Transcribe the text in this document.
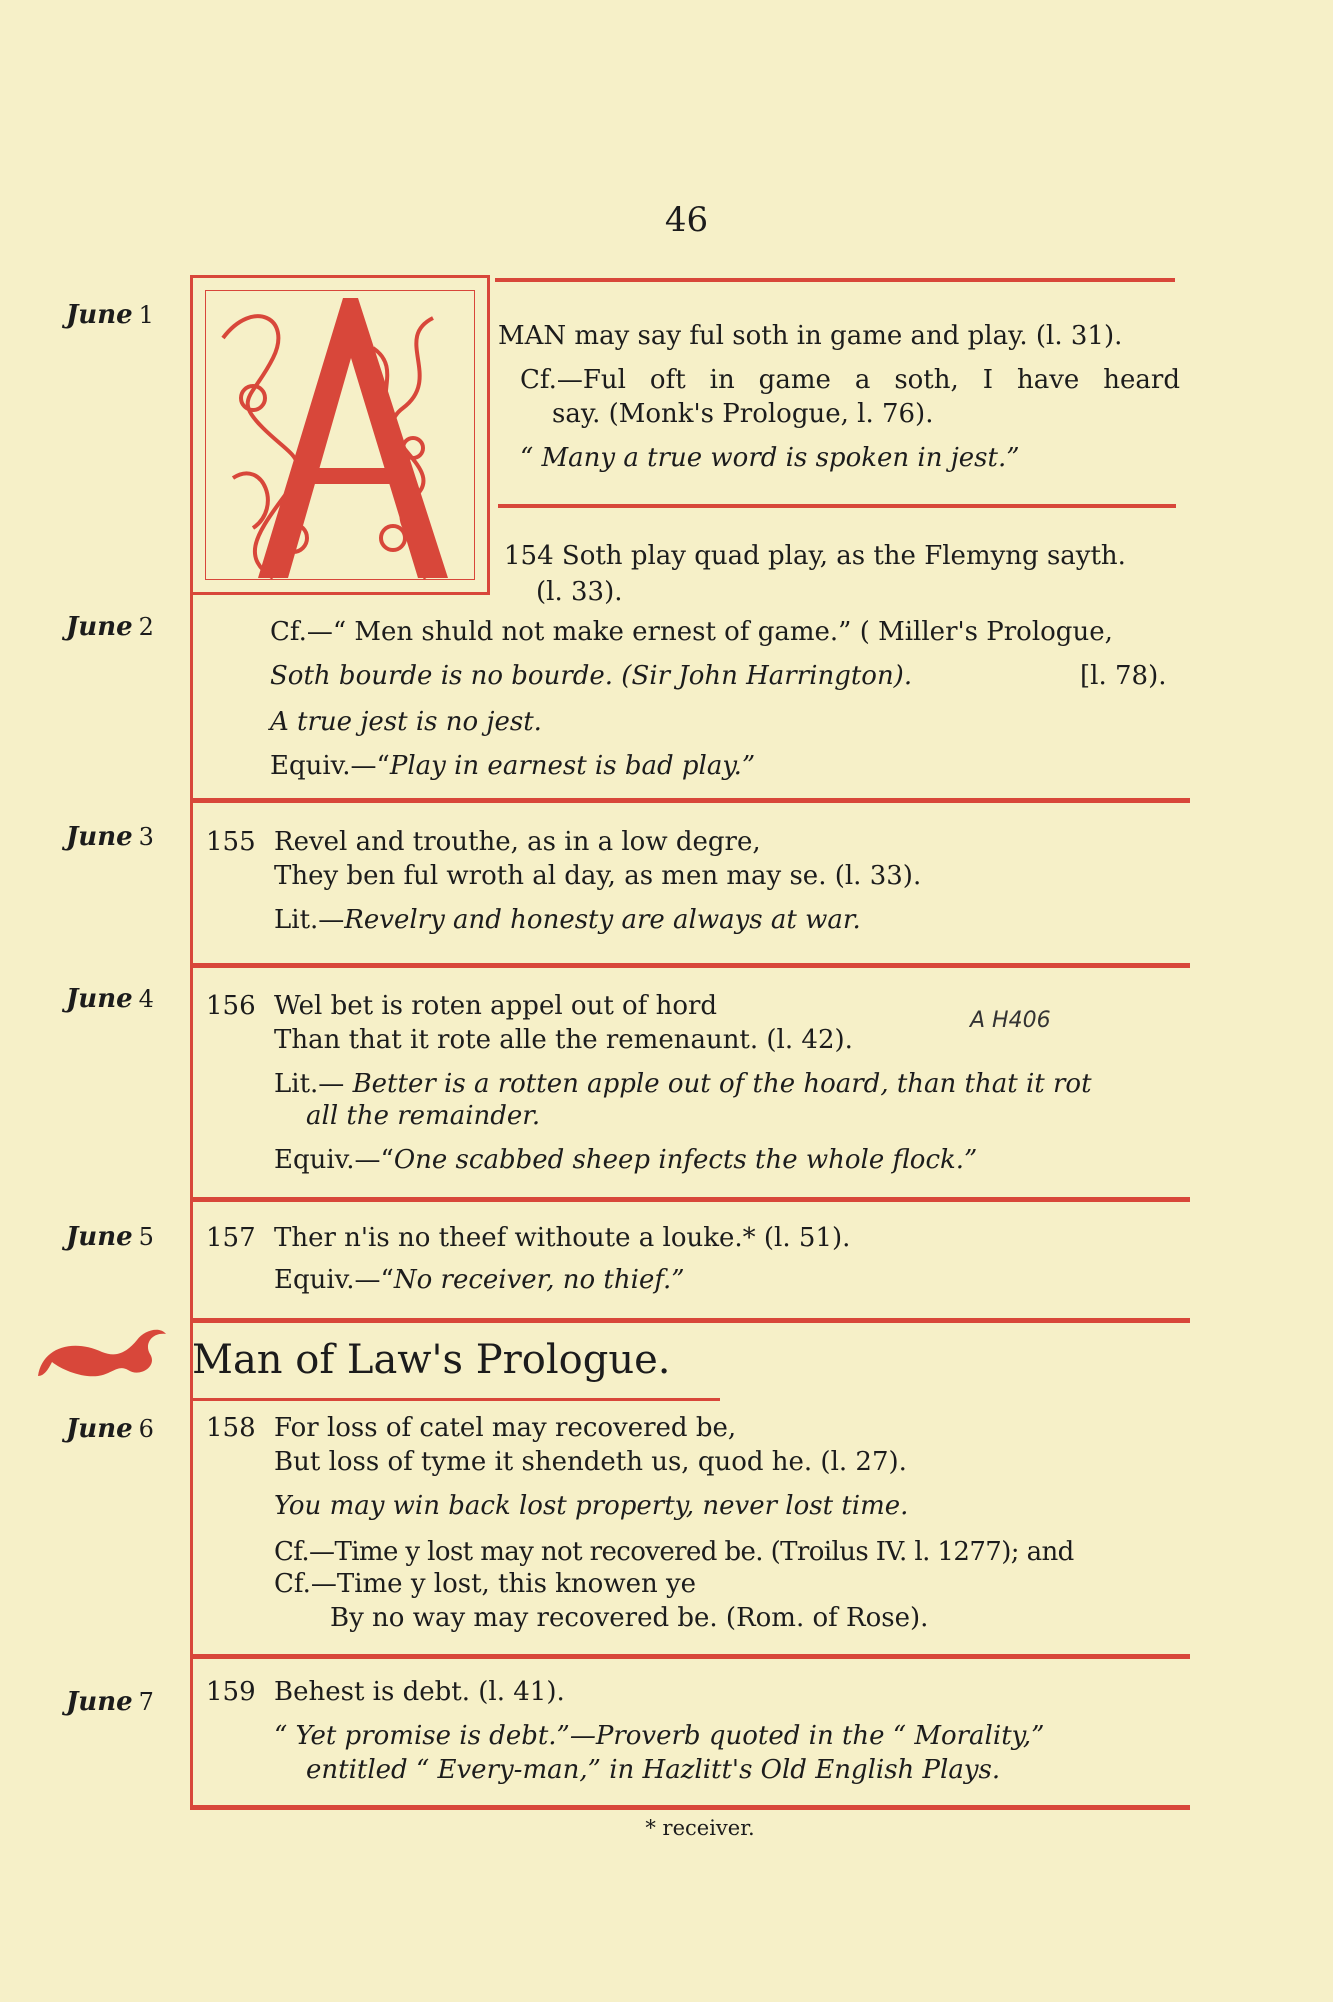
46
June 1
June 2
June 3
June 4
June 5
June 6
June 7
MAN may say ful soth in game and play. (l. 31).
Cf.—Ful oft in game a soth, I have heard
say. (Monk's Prologue, l. 76).
“ Many a true word is spoken in jest.”
154 Soth play quad play, as the Flemyng sayth.
(l. 33).
Cf.—“ Men shuld not make ernest of game.” ( Miller's Prologue,
Soth bourde is no bourde. (Sir John Harrington).	[l. 78).
A true jest is no jest.
Equiv.—“Play in earnest is bad play.”
155 Revel and trouthe, as in a low degre,
They ben ful wroth al day, as men may se. (l. 33).
Lit.—Revelry and honesty are always at war.
156 Wel bet is roten appel out of hord
Than that it rote alle the remenaunt. (l. 42).
A H406
Lit.— Better is a rotten apple out of the hoard, than that it rot
all the remainder.
Equiv.—“One scabbed sheep infects the whole flock.”
157 Ther n'is no theef withoute a louke.* (l. 51).
Equiv.—“No receiver, no thief.”
Man of Law's Prologue.
158 For loss of catel may recovered be,
But loss of tyme it shendeth us, quod he. (l. 27).
You may win back lost property, never lost time.
Cf.—Time y lost may not recovered be. (Troilus IV. l. 1277); and
Cf.—Time y lost, this knowen ye
By no way may recovered be. (Rom. of Rose).
159 Behest is debt. (l. 41).
“ Yet promise is debt.”—Proverb quoted in the “ Morality,”
entitled “ Every-man,” in Hazlitt's Old English Plays.
* receiver.
